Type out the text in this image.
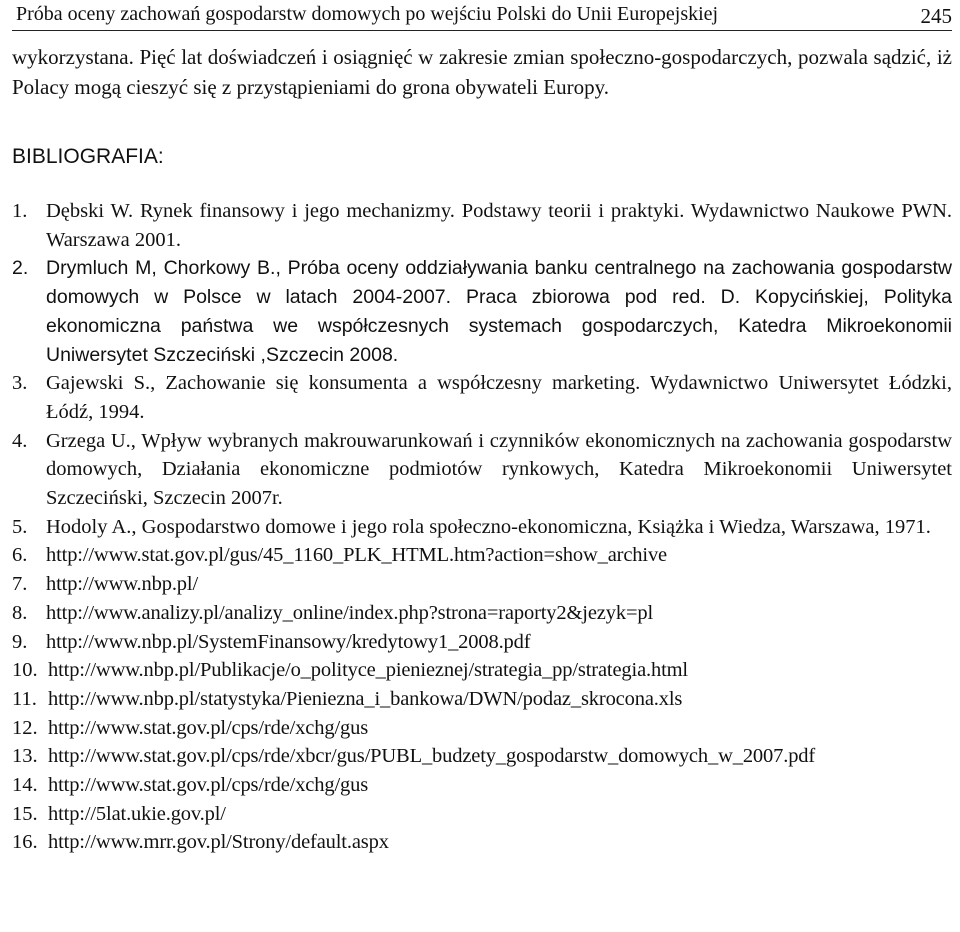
Próba oceny zachowań gospodarstw domowych po wejściu Polski do Unii Europejskiej	245

wykorzystana. Pięć lat doświadczeń i osiągnięć w zakresie zmian społeczno-gospodarczych, pozwala sądzić, iż Polacy mogą cieszyć się z przystąpieniami do grona obywateli Europy.

BIBLIOGRAFIA:
1. Dębski W. Rynek finansowy i jego mechanizmy. Podstawy teorii i praktyki. Wydawnictwo Naukowe PWN. Warszawa 2001.
2. Drymluch M, Chorkowy B., Próba oceny oddziaływania banku centralnego na zachowania gospodarstw domowych w Polsce w latach 2004-2007. Praca zbiorowa pod red. D. Kopycińskiej, Polityka ekonomiczna państwa we współczesnych systemach gospodarczych, Katedra Mikroekonomii Uniwersytet Szczeciński ,Szczecin 2008.
3. Gajewski S., Zachowanie się konsumenta a współczesny marketing. Wydawnictwo Uniwersytet Łódzki, Łódź, 1994.
4. Grzega U., Wpływ wybranych makrouwarunkowań i czynników ekonomicznych na zachowania gospodarstw domowych, Działania ekonomiczne podmiotów rynkowych, Katedra Mikroekonomii Uniwersytet Szczeciński, Szczecin 2007r.
5. Hodoly A., Gospodarstwo domowe i jego rola społeczno-ekonomiczna, Książka i Wiedza, Warszawa, 1971.
6. http://www.stat.gov.pl/gus/45_1160_PLK_HTML.htm?action=show_archive
7. http://www.nbp.pl/
8. http://www.analizy.pl/analizy_online/index.php?strona=raporty2&jezyk=pl
9. http://www.nbp.pl/SystemFinansowy/kredytowy1_2008.pdf
10. http://www.nbp.pl/Publikacje/o_polityce_pienieznej/strategia_pp/strategia.html
11. http://www.nbp.pl/statystyka/Pieniezna_i_bankowa/DWN/podaz_skrocona.xls
12. http://www.stat.gov.pl/cps/rde/xchg/gus
13. http://www.stat.gov.pl/cps/rde/xbcr/gus/PUBL_budzety_gospodarstw_domowych_w_2007.pdf
14. http://www.stat.gov.pl/cps/rde/xchg/gus
15. http://5lat.ukie.gov.pl/
16. http://www.mrr.gov.pl/Strony/default.aspx
